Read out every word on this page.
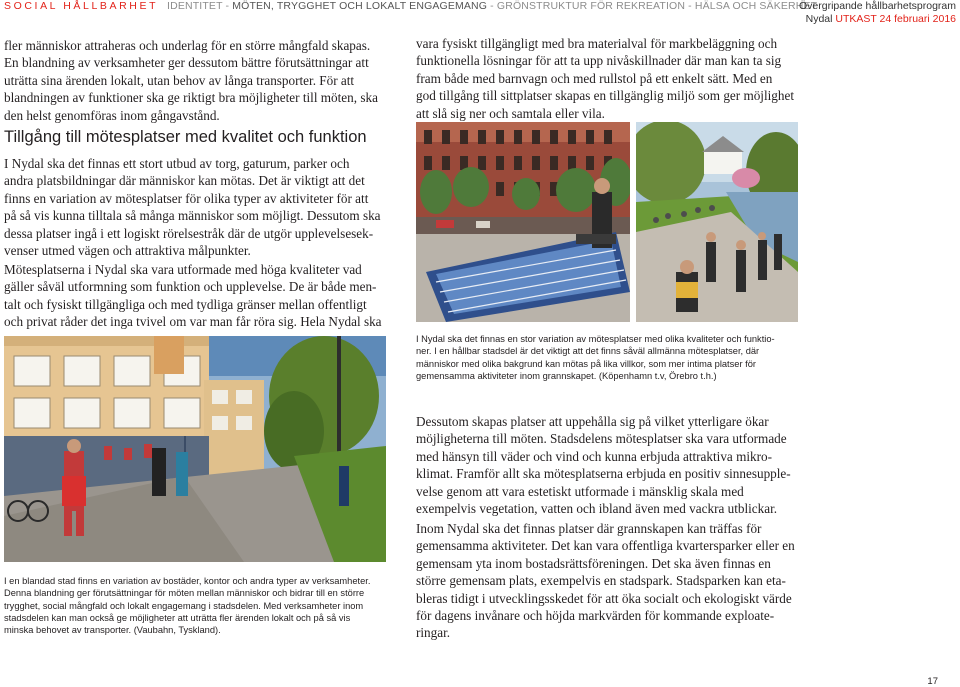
SOCIAL HÅLLBARHET IDENTITET - MÖTEN, TRYGGHET OCH LOKALT ENGAGEMANG - GRÖNSTRUKTUR FÖR REKREATION - HÄLSA OCH SÄKERHET
Övergripande hållbarhetsprogram
Nydal UTKAST 24 februari 2016
fler människor attraheras och underlag för en större mångfald skapas.
En blandning av verksamheter ger dessutom bättre förutsättningar att
uträtta sina ärenden lokalt, utan behov av långa transporter. För att
blandningen av funktioner ska ge riktigt bra möjligheter till möten, ska
den helst genomföras inom gångavstånd.
Tillgång till mötesplatser med kvalitet och funktion
I Nydal ska det finnas ett stort utbud av torg, gaturum, parker och
andra platsbildningar där människor kan mötas. Det är viktigt att det
finns en variation av mötesplatser för olika typer av aktiviteter för att
på så vis kunna tilltala så många människor som möjligt. Dessutom ska
dessa platser ingå i ett logiskt rörelsestråk där de utgör upplevelsesek-
venser utmed vägen och attraktiva målpunkter.
Mötesplatserna i Nydal ska vara utformade med höga kvaliteter vad
gäller såväl utformning som funktion och upplevelse. De är både men-
talt och fysiskt tillgängliga och med tydliga gränser mellan offentligt
och privat råder det inga tvivel om var man får röra sig. Hela Nydal ska
vara fysiskt tillgängligt med bra materialval för markbeläggning och
funktionella lösningar för att ta upp nivåskillnader där man kan ta sig
fram både med barnvagn och med rullstol på ett enkelt sätt. Med en
god tillgång till sittplatser skapas en tillgänglig miljö som ger möjlighet
att slå sig ner och samtala eller vila.
I Nydal ska det finnas en stor variation av mötesplatser med olika kvaliteter och funktio-
ner. I en hållbar stadsdel är det viktigt att det finns såväl allmänna mötesplatser, där
människor med olika bakgrund kan mötas på lika villkor, som mer intima platser för
gemensamma aktiviteter inom grannskapet. (Köpenhamn t.v, Örebro t.h.)
I en blandad stad finns en variation av bostäder, kontor och andra typer av verksamheter.
Denna blandning ger förutsättningar för möten mellan människor och bidrar till en större
trygghet, social mångfald och lokalt engagemang i stadsdelen. Med verksamheter inom
stadsdelen kan man också ge möjligheter att uträtta fler ärenden lokalt och på så vis
minska behovet av transporter. (Vaubahn, Tyskland).
Dessutom skapas platser att uppehålla sig på vilket ytterligare ökar
möjligheterna till möten. Stadsdelens mötesplatser ska vara utformade
med hänsyn till väder och vind och kunna erbjuda attraktiva mikro-
klimat. Framför allt ska mötesplatserna erbjuda en positiv sinnesupple-
velse genom att vara estetiskt utformade i mänsklig skala med
exempelvis vegetation, vatten och ibland även med vackra utblickar.
Inom Nydal ska det finnas platser där grannskapen kan träffas för
gemensamma aktiviteter. Det kan vara offentliga kvartersparker eller en
gemensam yta inom bostadsrättsföreningen. Det ska även finnas en
större gemensam plats, exempelvis en stadspark. Stadsparken kan eta-
bleras tidigt i utvecklingsskedet för att öka socialt och ekologiskt värde
för dagens invånare och höjda markvärden för kommande exploate-
ringar.
17
